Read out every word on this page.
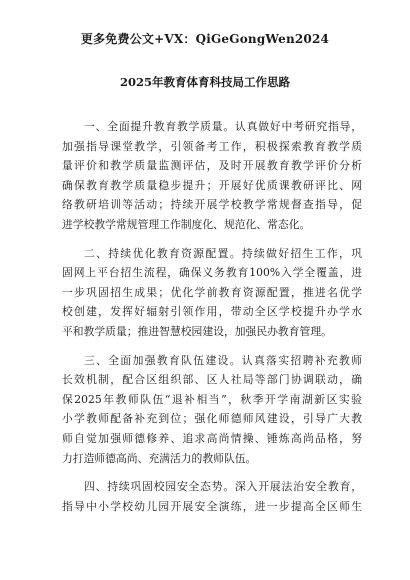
更多免费公文+VX：QiGeGongWen2024
2025年教育体育科技局工作思路
一、全面提升教育教学质量。认真做好中考研究指导，
加强指导课堂教学，引领备考工作，积极探索教育教学质
量评价和教学质量监测评估，及时开展教育教学评价分析
确保教育教学质量稳步提升；开展好优质课教研评比、网
络教研培训等活动；持续开展学校教学常规督查指导，促
进学校教学常规管理工作制度化、规范化、常态化。
二、持续优化教育资源配置。持续做好招生工作，巩
固网上平台招生流程，确保义务教育100%入学全覆盖，进
一步巩固招生成果；优化学前教育资源配置，推进名优学
校创建，发挥好辐射引领作用，带动全区学校提升办学水
平和教学质量；推进智慧校园建设，加强民办教育管理。
三、全面加强教育队伍建设。认真落实招聘补充教师
长效机制，配合区组织部、区人社局等部门协调联动，确
保2025年教师队伍“退补相当”，秋季开学南湖新区实验
小学教师配备补充到位；强化师德师风建设，引导广大教
师自觉加强师德修养、追求高尚情操、锤炼高尚品格，努
力打造师德高尚、充满活力的教师队伍。
四、持续巩固校园安全态势。深入开展法治安全教育，
指导中小学校幼儿园开展安全演练，进一步提高全区师生
